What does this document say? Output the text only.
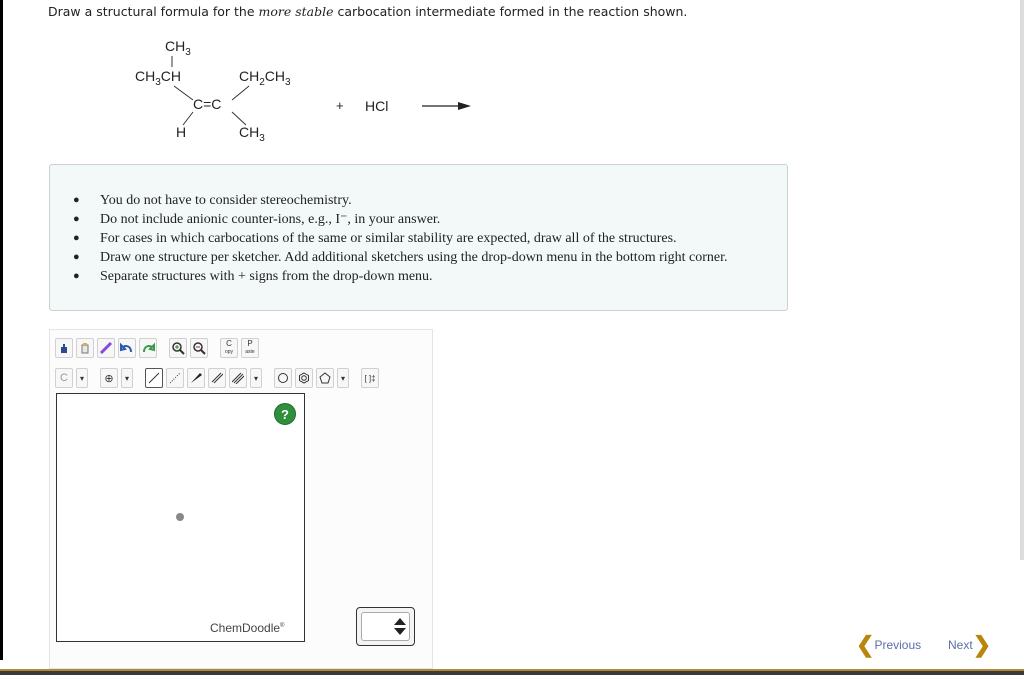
Draw a structural formula for the more stable carbocation intermediate formed in the reaction shown.
$CH_3$
$CH_3CH$	$CH_2CH_3$
C=C
H	$CH_3$
+ HCl
● You do not have to consider stereochemistry.
● Do not include anionic counter-ions, e.g., I⁻, in your answer.
● For cases in which carbocations of the same or similar stability are expected, draw all of the structures.
● Draw one structure per sketcher. Add additional sketchers using the drop-down menu in the bottom right corner.
● Separate structures with + signs from the drop-down menu.
C
opy
P
aste
C	▾	⊕	▾	▾	▾	[ ]‡
?
ChemDoodle®
❮ Previous Next ❯
